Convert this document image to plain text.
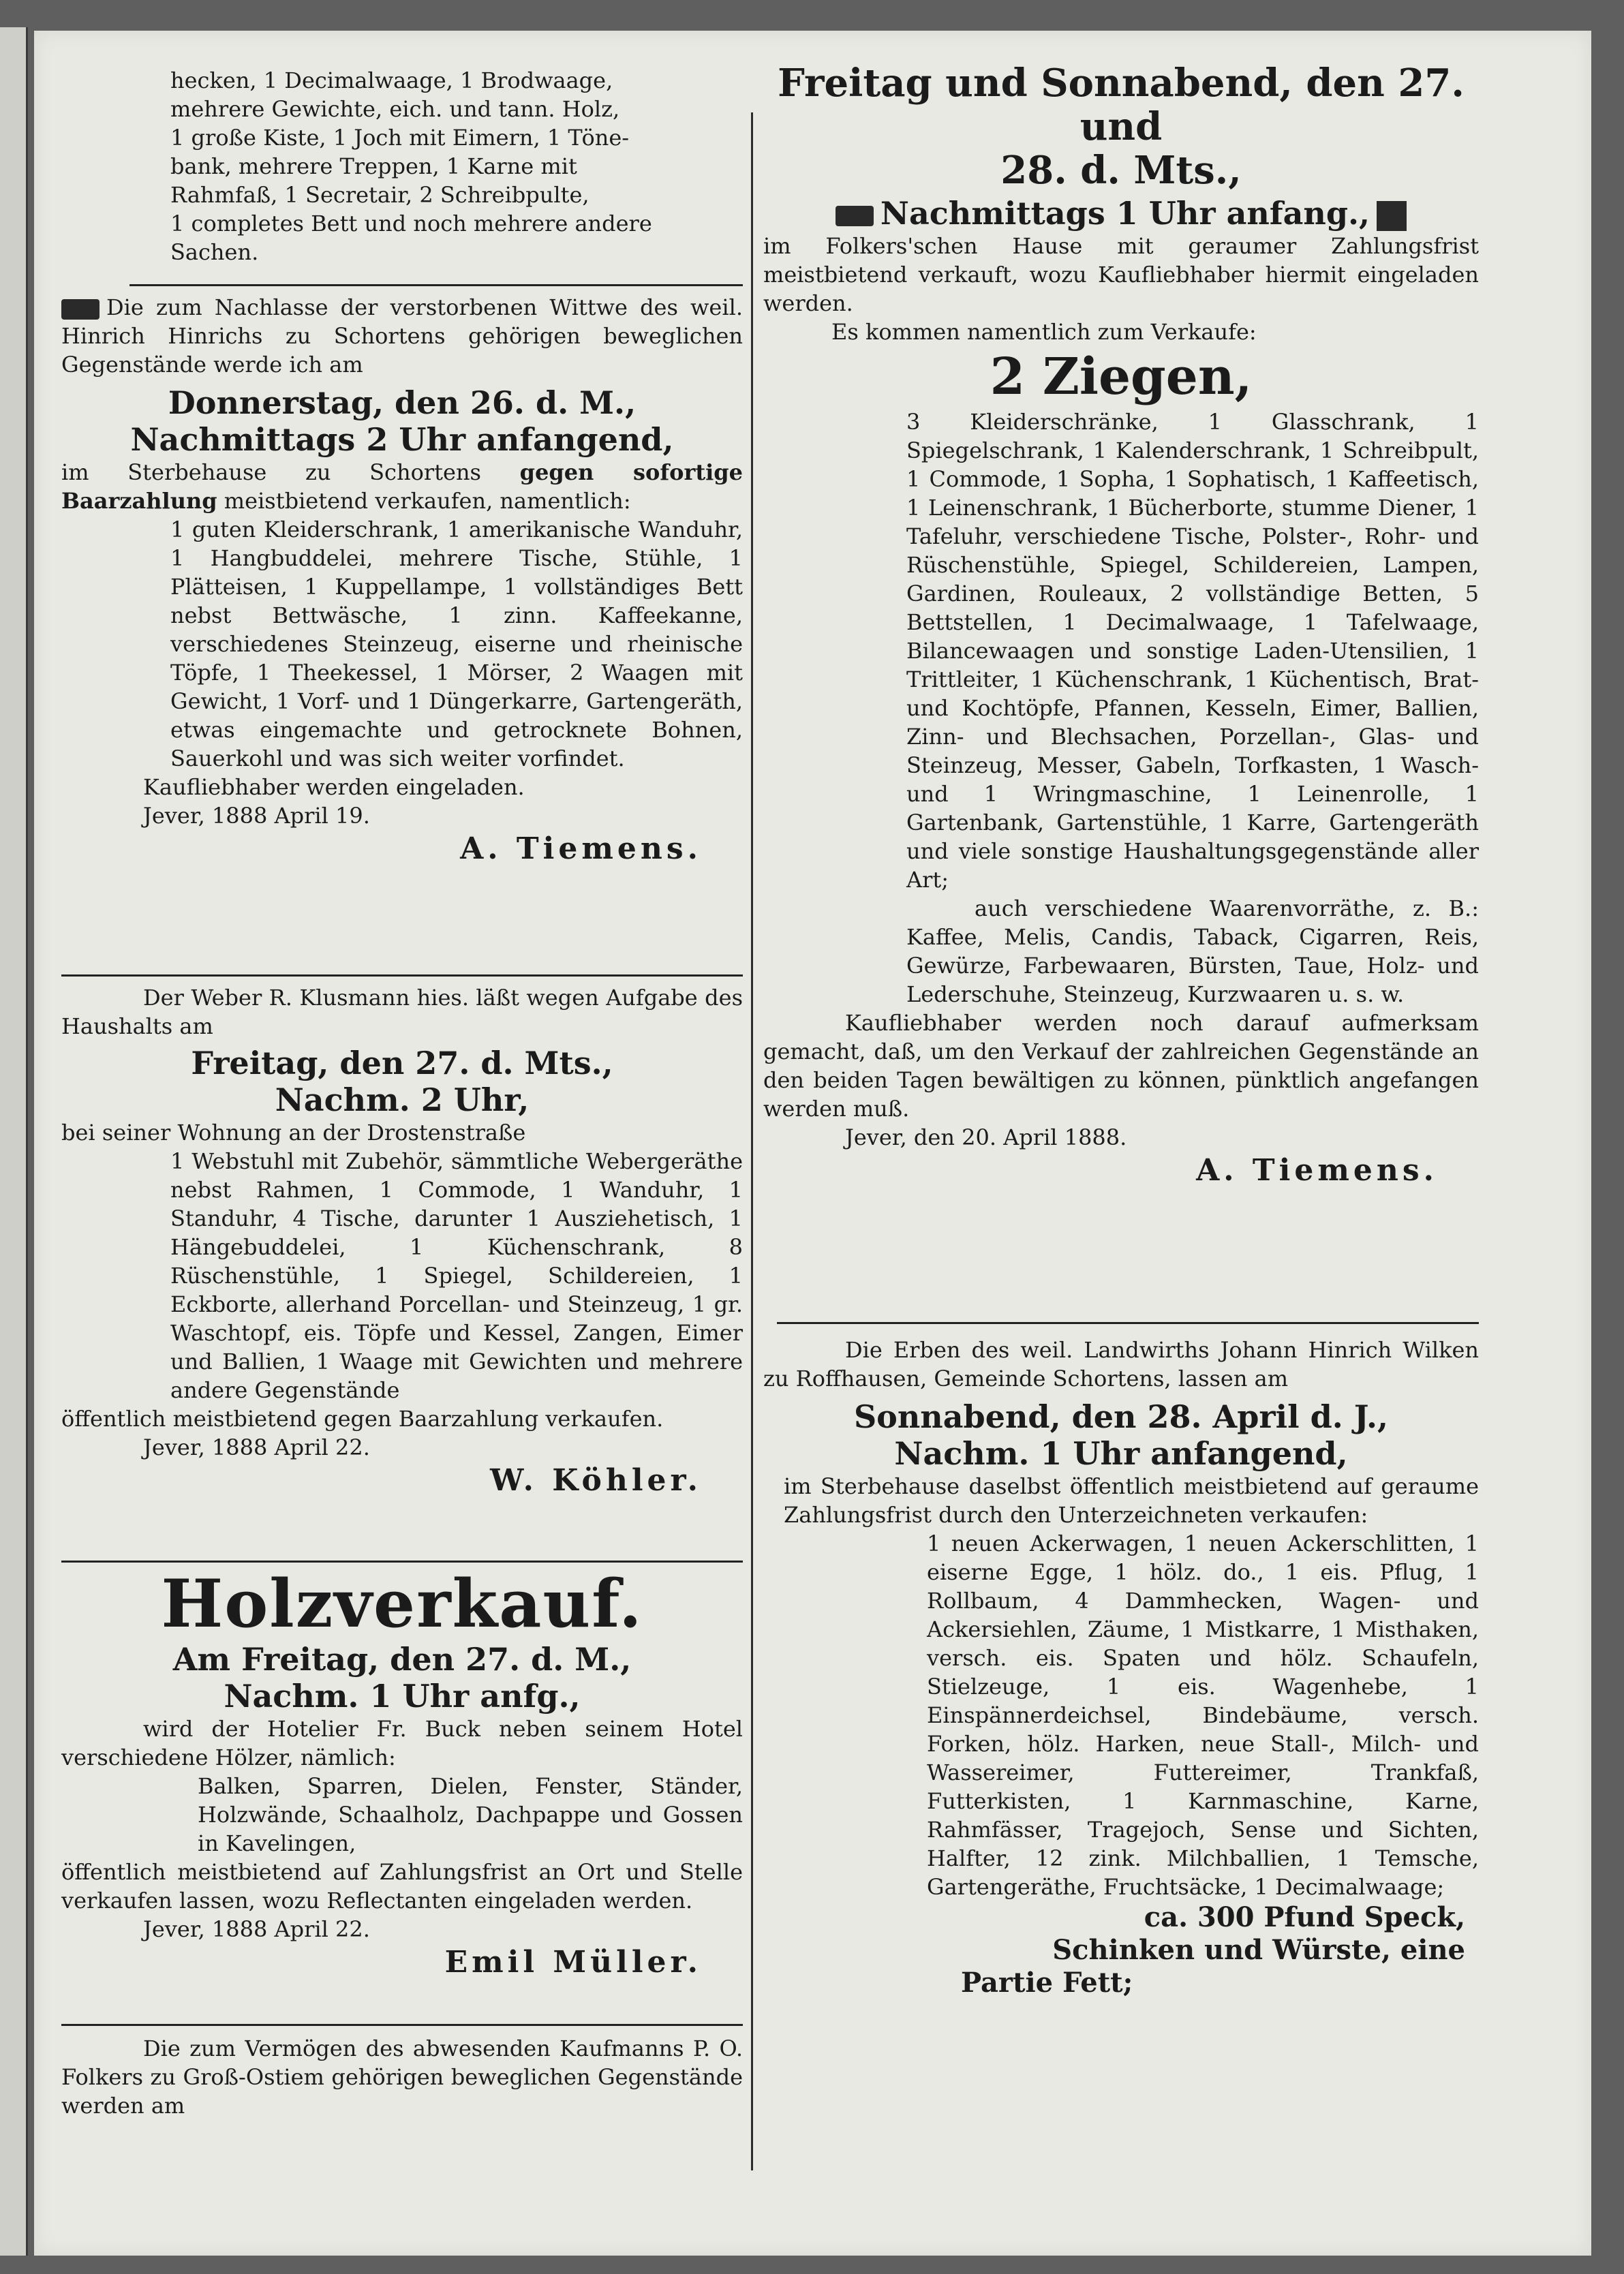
hecken, 1 Decimalwaage, 1 Brodwaage,

mehrere Gewichte, eich. und tann. Holz,

1 große Kiste, 1 Joch mit Eimern, 1 Töne-

bank, mehrere Treppen, 1 Karne mit

Rahmfaß, 1 Secretair, 2 Schreibpulte,

1 completes Bett und noch mehrere andere

Sachen.

Die zum Nachlasse der verstorbenen Wittwe des weil. Hinrich Hinrichs zu Schortens gehörigen beweglichen Gegenstände werde ich am

Donnerstag, den 26. d. M.,

Nachmittags 2 Uhr anfangend,

im Sterbehause zu Schortens gegen sofortige Baarzahlung meistbietend verkaufen, namentlich:

1 guten Kleiderschrank, 1 amerikanische Wanduhr, 1 Hangbuddelei, mehrere Tische, Stühle, 1 Plätteisen, 1 Kuppellampe, 1 vollständiges Bett nebst Bettwäsche, 1 zinn. Kaffeekanne, verschiedenes Steinzeug, eiserne und rheinische Töpfe, 1 Theekessel, 1 Mörser, 2 Waagen mit Gewicht, 1 Vorf- und 1 Düngerkarre, Gartengeräth, etwas eingemachte und getrocknete Bohnen, Sauerkohl und was sich weiter vorfindet.

Kaufliebhaber werden eingeladen.

Jever, 1888 April 19.

A. Tiemens.

Der Weber R. Klusmann hies. läßt wegen Aufgabe des Haushalts am

Freitag, den 27. d. Mts.,

Nachm. 2 Uhr,

bei seiner Wohnung an der Drostenstraße

1 Webstuhl mit Zubehör, sämmtliche Webergeräthe nebst Rahmen, 1 Commode, 1 Wanduhr, 1 Standuhr, 4 Tische, darunter 1 Ausziehetisch, 1 Hängebuddelei, 1 Küchenschrank, 8 Rüschenstühle, 1 Spiegel, Schildereien, 1 Eckborte, allerhand Porcellan- und Steinzeug, 1 gr. Waschtopf, eis. Töpfe und Kessel, Zangen, Eimer und Ballien, 1 Waage mit Gewichten und mehrere andere Gegenstände

öffentlich meistbietend gegen Baarzahlung verkaufen.

Jever, 1888 April 22.

W. Köhler.

Holzverkauf.

Am Freitag, den 27. d. M.,

Nachm. 1 Uhr anfg.,

wird der Hotelier Fr. Buck neben seinem Hotel verschiedene Hölzer, nämlich:

Balken, Sparren, Dielen, Fenster, Ständer, Holzwände, Schaalholz, Dachpappe und Gossen in Kavelingen,

öffentlich meistbietend auf Zahlungsfrist an Ort und Stelle verkaufen lassen, wozu Reflectanten eingeladen werden.

Jever, 1888 April 22.

Emil Müller.

Die zum Vermögen des abwesenden Kaufmanns P. O. Folkers zu Groß-Ostiem gehörigen beweglichen Gegenstände werden am

Freitag und Sonnabend, den 27. und

28. d. Mts.,

Nachmittags 1 Uhr anfang.,

im Folkers'schen Hause mit geraumer Zahlungsfrist meistbietend verkauft, wozu Kaufliebhaber hiermit eingeladen werden.

Es kommen namentlich zum Verkaufe:

2 Ziegen,

3 Kleiderschränke, 1 Glasschrank, 1 Spiegelschrank, 1 Kalenderschrank, 1 Schreibpult, 1 Commode, 1 Sopha, 1 Sophatisch, 1 Kaffeetisch, 1 Leinenschrank, 1 Bücherborte, stumme Diener, 1 Tafeluhr, verschiedene Tische, Polster-, Rohr- und Rüschenstühle, Spiegel, Schildereien, Lampen, Gardinen, Rouleaux, 2 vollständige Betten, 5 Bettstellen, 1 Decimalwaage, 1 Tafelwaage, Bilancewaagen und sonstige Laden-Utensilien, 1 Trittleiter, 1 Küchenschrank, 1 Küchentisch, Brat- und Kochtöpfe, Pfannen, Kesseln, Eimer, Ballien, Zinn- und Blechsachen, Porzellan-, Glas- und Steinzeug, Messer, Gabeln, Torfkasten, 1 Wasch- und 1 Wringmaschine, 1 Leinenrolle, 1 Gartenbank, Gartenstühle, 1 Karre, Gartengeräth und viele sonstige Haushaltungsgegenstände aller Art;

auch verschiedene Waarenvorräthe, z. B.: Kaffee, Melis, Candis, Taback, Cigarren, Reis, Gewürze, Farbewaaren, Bürsten, Taue, Holz- und Lederschuhe, Steinzeug, Kurzwaaren u. s. w.

Kaufliebhaber werden noch darauf aufmerksam gemacht, daß, um den Verkauf der zahlreichen Gegenstände an den beiden Tagen bewältigen zu können, pünktlich angefangen werden muß.

Jever, den 20. April 1888.

A. Tiemens.

Die Erben des weil. Landwirths Johann Hinrich Wilken zu Roffhausen, Gemeinde Schortens, lassen am

Sonnabend, den 28. April d. J.,

Nachm. 1 Uhr anfangend,

im Sterbehause daselbst öffentlich meistbietend auf geraume Zahlungsfrist durch den Unterzeichneten verkaufen:

1 neuen Ackerwagen, 1 neuen Ackerschlitten, 1 eiserne Egge, 1 hölz. do., 1 eis. Pflug, 1 Rollbaum, 4 Dammhecken, Wagen- und Ackersiehlen, Zäume, 1 Mistkarre, 1 Misthaken, versch. eis. Spaten und hölz. Schaufeln, Stielzeuge, 1 eis. Wagenhebe, 1 Einspännerdeichsel, Bindebäume, versch. Forken, hölz. Harken, neue Stall-, Milch- und Wassereimer, Futtereimer, Trankfaß, Futterkisten, 1 Karnmaschine, Karne, Rahmfässer, Tragejoch, Sense und Sichten, Halfter, 12 zink. Milchballien, 1 Temsche, Gartengeräthe, Fruchtsäcke, 1 Decimalwaage;

ca. 300 Pfund Speck,

Schinken und Würste, eine

Partie Fett;
